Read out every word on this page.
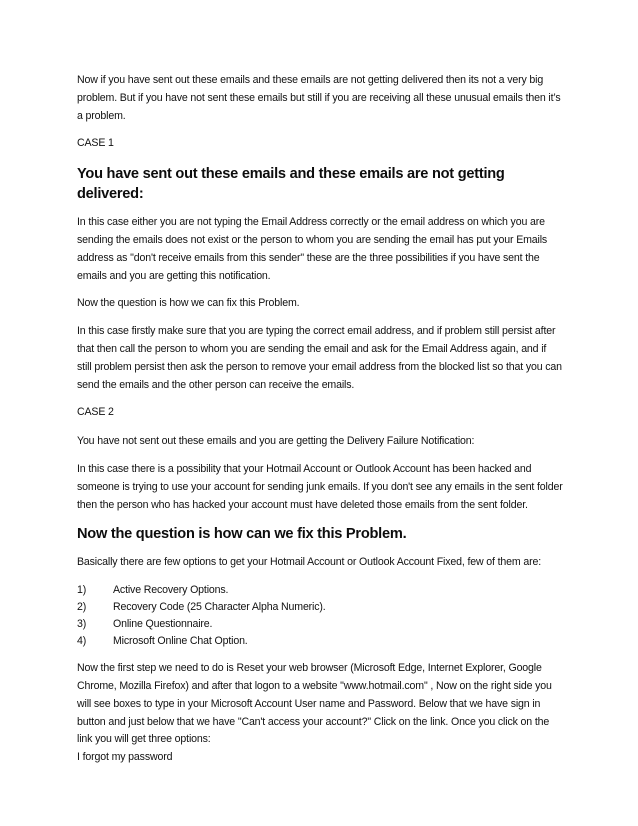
Now if you have sent out these emails and these emails are not getting delivered then its not a very big problem. But if you have not sent these emails but still if you are receiving all these unusual emails then it’s a problem.

CASE 1

You have sent out these emails and these emails are not getting delivered:

In this case either you are not typing the Email Address correctly or the email address on which you are sending the emails does not exist or the person to whom you are sending the email has put your Emails address as "don't receive emails from this sender" these are the three possibilities if you have sent the emails and you are getting this notification.

Now the question is how we can fix this Problem.

In this case firstly make sure that you are typing the correct email address, and if problem still persist after that then call the person to whom you are sending the email and ask for the Email Address again, and if still problem persist then ask the person to remove your email address from the blocked list so that you can send the emails and the other person can receive the emails.

CASE 2

You have not sent out these emails and you are getting the Delivery Failure Notification:

In this case there is a possibility that your Hotmail Account or Outlook Account has been hacked and someone is trying to use your account for sending junk emails. If you don't see any emails in the sent folder then the person who has hacked your account must have deleted those emails from the sent folder.

Now the question is how can we fix this Problem.

Basically there are few options to get your Hotmail Account or Outlook Account Fixed, few of them are:

1)	Active Recovery Options.
2)	Recovery Code (25 Character Alpha Numeric).
3)	Online Questionnaire.
4)	Microsoft Online Chat Option.

Now the first step we need to do is Reset your web browser (Microsoft Edge, Internet Explorer, Google Chrome, Mozilla Firefox) and after that logon to a website "www.hotmail.com" , Now on the right side you will see boxes to type in your Microsoft Account User name and Password. Below that we have sign in button and just below that we have "Can't access your account?" Click on the link. Once you click on the link you will get three options:

I forgot my password
